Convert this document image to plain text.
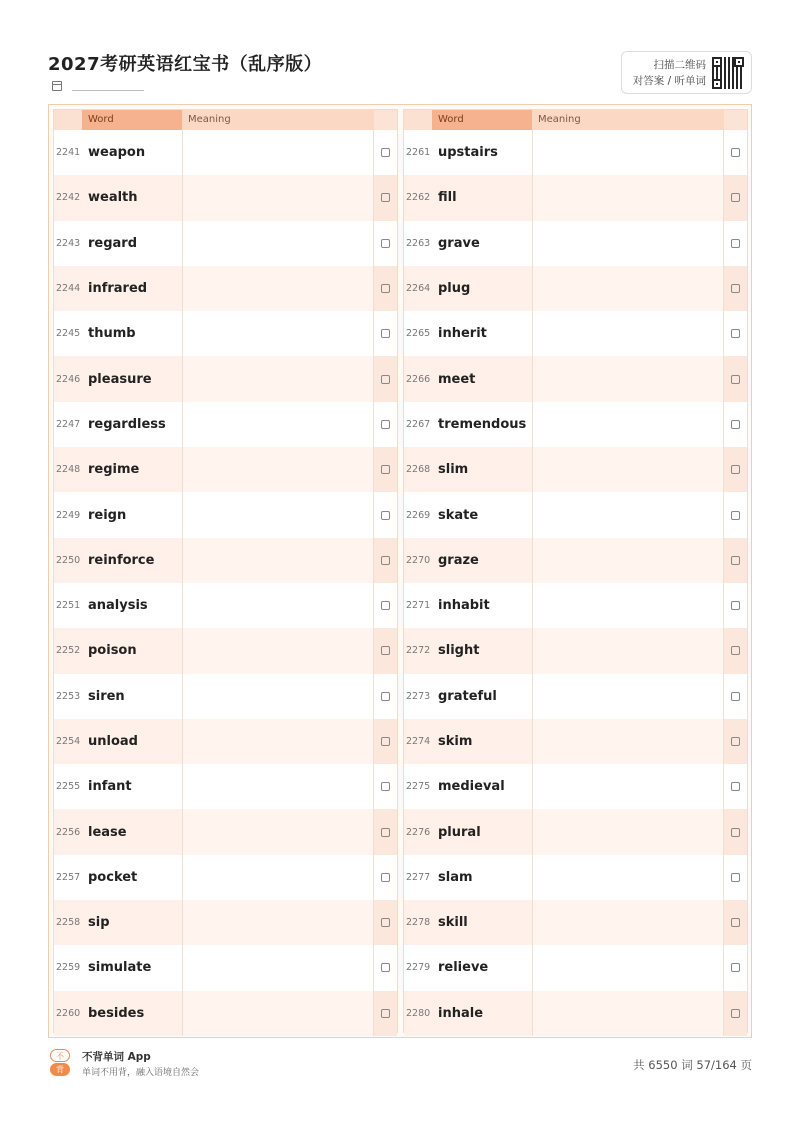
2027考研英语红宝书（乱序版）	扫描二维码
对答案 / 听单词
Word	Meaning
2241 weapon
2242 wealth
2243 regard
2244 infrared
2245 thumb
2246 pleasure
2247 regardless
2248 regime
2249 reign
2250 reinforce
2251 analysis
2252 poison
2253 siren
2254 unload
2255 infant
2256 lease
2257 pocket
2258 sip
2259 simulate
2260 besides
Word	Meaning
2261 upstairs
2262 fill
2263 grave
2264 plug
2265 inherit
2266 meet
2267 tremendous
2268 slim
2269 skate
2270 graze
2271 inhabit
2272 slight
2273 grateful
2274 skim
2275 medieval
2276 plural
2277 slam
2278 skill
2279 relieve
2280 inhale
不
背
不背单词 App
单词不用背，融入语境自然会
共 6550 词 57/164 页
